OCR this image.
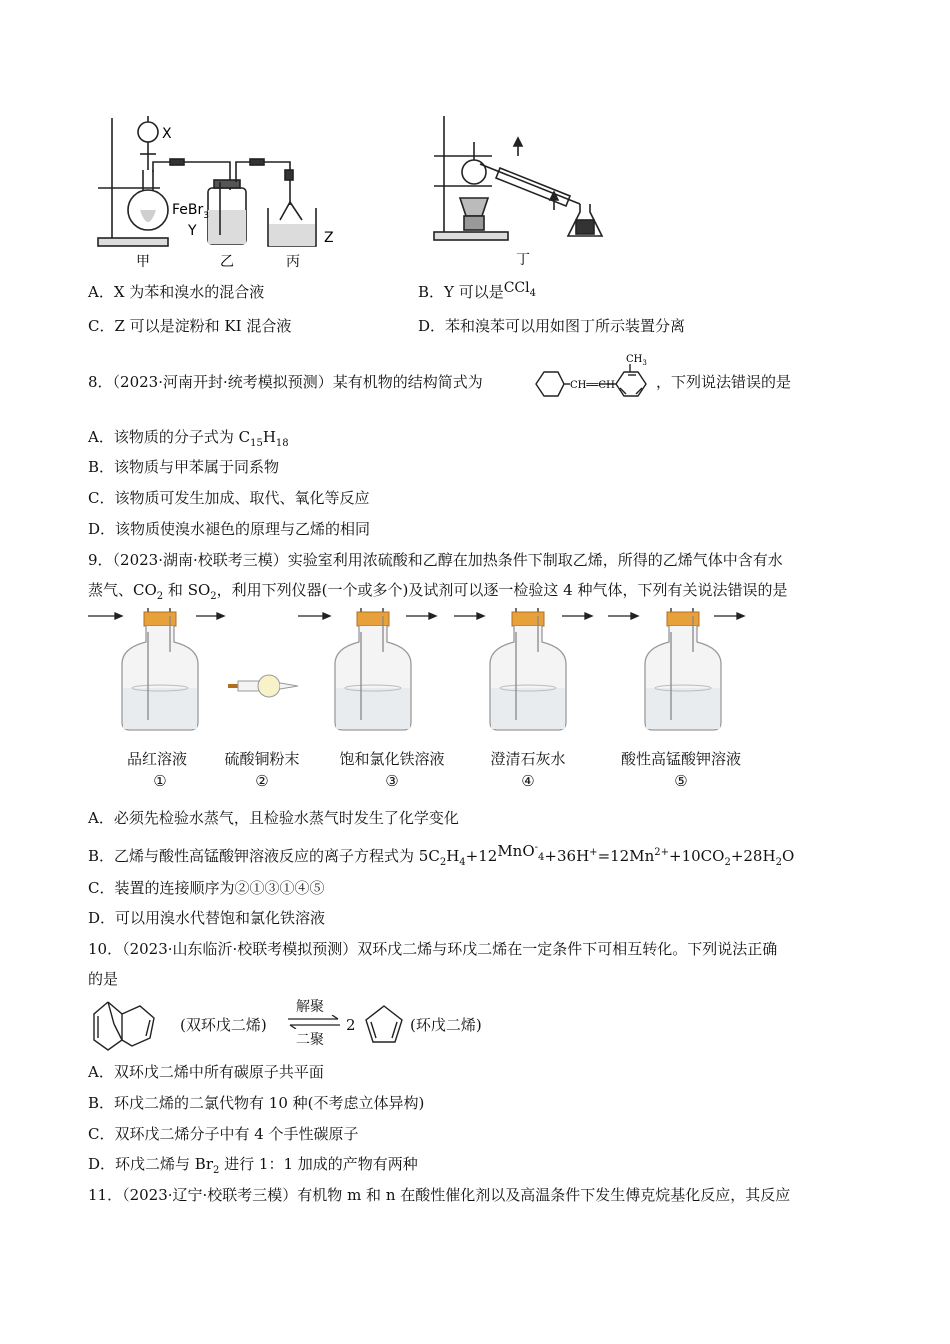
X
FeBr$_3$
Y	Z
甲	乙	丙	丁
A．X 为苯和溴水的混合液	B．Y 可以是CCl$_4$
C．Z 可以是淀粉和 KI 混合液	D．苯和溴苯可以用如图丁所示装置分离
8．（2023·河南开封·统考模拟预测）某有机物的结构简式为	CH══CH
$CH_3$
，下列说法错误的是
A．该物质的分子式为 $C_{15}H_{18}$
B．该物质与甲苯属于同系物
C．该物质可发生加成、取代、氧化等反应
D．该物质使溴水褪色的原理与乙烯的相同
9．（2023·湖南·校联考三模）实验室利用浓硫酸和乙醇在加热条件下制取乙烯，所得的乙烯气体中含有水
蒸气、$CO_2$ 和 $SO_2$，利用下列仪器(一个或多个)及试剂可以逐一检验这 4 种气体，下列有关说法错误的是
品红溶液	硫酸铜粉末	饱和氯化铁溶液	澄清石灰水	酸性高锰酸钾溶液
①	②	③	④	⑤
A．必须先检验水蒸气，且检验水蒸气时发生了化学变化
B．乙烯与酸性高锰酸钾溶液反应的离子方程式为 $5C_2H_4+12MnO^-_4+36H^+=12Mn^{2+}+10CO_2+28H_2O$
C．装置的连接顺序为②①③①④⑤
D．可以用溴水代替饱和氯化铁溶液
10．（2023·山东临沂·校联考模拟预测）双环戊二烯与环戊二烯在一定条件下可相互转化。下列说法正确
的是
(双环戊二烯)
解聚
二聚
2	(环戊二烯)
A．双环戊二烯中所有碳原子共平面
B．环戊二烯的二氯代物有 10 种(不考虑立体异构)
C．双环戊二烯分子中有 4 个手性碳原子
D．环戊二烯与 $Br_2$ 进行 1：1 加成的产物有两种
11．（2023·辽宁·校联考三模）有机物 m 和 n 在酸性催化剂以及高温条件下发生傅克烷基化反应，其反应
